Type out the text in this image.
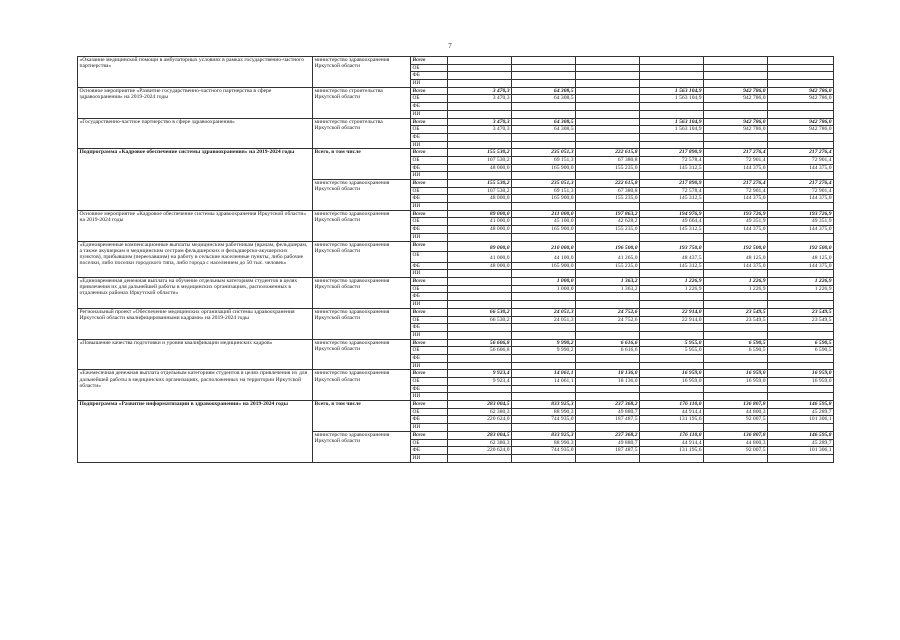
7
«Оказание медицинской помощи в амбулаторных условиях в рамках государственно-частного партнерства»	министерство здравоохранения Иркутской области	Всего						
		ОБ						
		ФБ						
		ИИ						
Основное мероприятие «Развитие государственно-частного партнерства в сфере здравоохранения» на 2019-2024 годы	министерство строительства Иркутской области	Всего	3 470,3	64 308,5		1 563 104,9	942 786,0	942 786,0
		ОБ	3 470,3	64 308,5		1 563 104,9	942 786,0	942 786,0
		ФБ						
		ИИ						
«Государственно-частное партнерство в сфере здравоохранения»	министерство строительства Иркутской области	Всего	3 470,3	64 308,5		1 563 104,9	942 786,0	942 786,0
		ОБ	3 470,3	64 308,5		1 563 104,9	942 786,0	942 786,0
		ФБ						
		ИИ						
Подпрограмма «Кадровое обеспечение системы здравоохранения» на 2019-2024 годы	Всего, в том числе	Всего	155 530,2	235 051,3	222 615,8	217 890,9	217 276,4	217 276,4
		ОБ	107 530,2	69 151,3	67 380,8	72 578,4	72 901,4	72 901,4
		ФБ	48 000,0	165 900,0	155 235,0	145 312,5	144 375,0	144 375,0
		ИИ						
	министерство здравоохранения Иркутской области	Всего	155 530,2	235 051,3	222 615,8	217 890,9	217 276,4	217 276,4
		ОБ	107 530,2	69 151,3	67 380,8	72 578,4	72 901,4	72 901,4
		ФБ	48 000,0	165 900,0	155 235,0	145 312,5	144 375,0	144 375,0
		ИИ						
Основное мероприятие «Кадровое обеспечение системы здравоохранения Иркутской области» на 2019-2024 годы	министерство здравоохранения Иркутской области	Всего	89 000,0	211 000,0	197 863,2	194 976,9	193 726,9	193 726,9
		ОБ	41 000,0	45 100,0	42 628,2	49 664,4	49 351,9	49 351,9
		ФБ	48 000,0	165 900,0	155 235,0	145 312,5	144 375,0	144 375,0
		ИИ						
«Единовременные компенсационные выплаты медицинским работникам (врачам, фельдшерам, а также акушеркам и медицинским сестрам фельдшерских и фельдшерско-акушерских пунктов), прибывшим (переехавшим) на работу в сельские населенные пункты, либо рабочие поселки, либо поселки городского типа, либо города с населением до 50 тыс. человек»	министерство здравоохранения Иркутской области	Всего	89 000,0	210 000,0	196 500,0	193 750,0	192 500,0	192 500,0
		ОБ	41 000,0	44 100,0	41 265,0	48 437,5	48 125,0	48 125,0
		ФБ	48 000,0	165 900,0	155 235,0	145 312,5	144 375,0	144 375,0
		ИИ						
«Единовременная денежная выплата на обучение отдельным категориям студентов в целях привлечения их для дальнейшей работы в медицинских организациях, расположенных в отдаленных районах Иркутской области»	министерство здравоохранения Иркутской области	Всего		1 000,0	1 363,2	1 226,9	1 226,9	1 226,9
		ОБ		1 000,0	1 363,2	1 226,9	1 226,9	1 226,9
		ФБ						
		ИИ						
Региональный проект «Обеспечение медицинских организаций системы здравоохранения Иркутской области квалифицированными кадрами» на 2019-2024 годы	министерство здравоохранения Иркутской области	Всего	66 530,2	24 051,3	24 752,6	22 914,0	23 549,5	23 549,5
		ОБ	66 530,2	24 051,3	24 752,6	22 914,0	23 549,5	23 549,5
		ФБ						
		ИИ						
«Повышение качества подготовки и уровня квалификации медицинских кадров»	министерство здравоохранения Иркутской области	Всего	56 606,8	9 990,2	6 616,6	5 955,0	6 590,5	6 590,5
		ОБ	56 606,8	9 990,2	6 616,6	5 955,0	6 590,5	6 590,5
		ФБ						
		ИИ						
«Ежемесячная денежная выплата отдельным категориям студентов в целях привлечения их для дальнейшей работы в медицинских организациях, расположенных на территории Иркутской области»	министерство здравоохранения Иркутской области	Всего	9 923,4	14 061,1	18 136,0	16 959,0	16 959,0	16 959,0
		ОБ	9 923,4	14 061,1	18 136,0	16 959,0	16 959,0	16 959,0
		ФБ						
		ИИ						
Подпрограмма «Развитие информатизации в здравоохранении» на 2019-2024 годы	Всего, в том числе	Всего	283 004,5	833 925,3	237 368,2	176 110,0	136 807,8	146 595,8
		ОБ	62 380,3	88 990,3	49 880,7	44 914,4	44 800,3	45 289,7
		ФБ	220 624,0	744 935,0	187 487,5	131 195,6	92 007,5	101 306,1
		ИИ						
	министерство здравоохранения Иркутской области	Всего	283 004,5	833 925,3	237 368,2	176 110,0	136 807,8	146 595,8
		ОБ	62 380,3	88 990,3	49 880,7	44 914,4	44 800,3	45 289,7
		ФБ	220 624,0	744 935,0	187 487,5	131 195,6	92 007,5	101 306,1
		ИИ						
